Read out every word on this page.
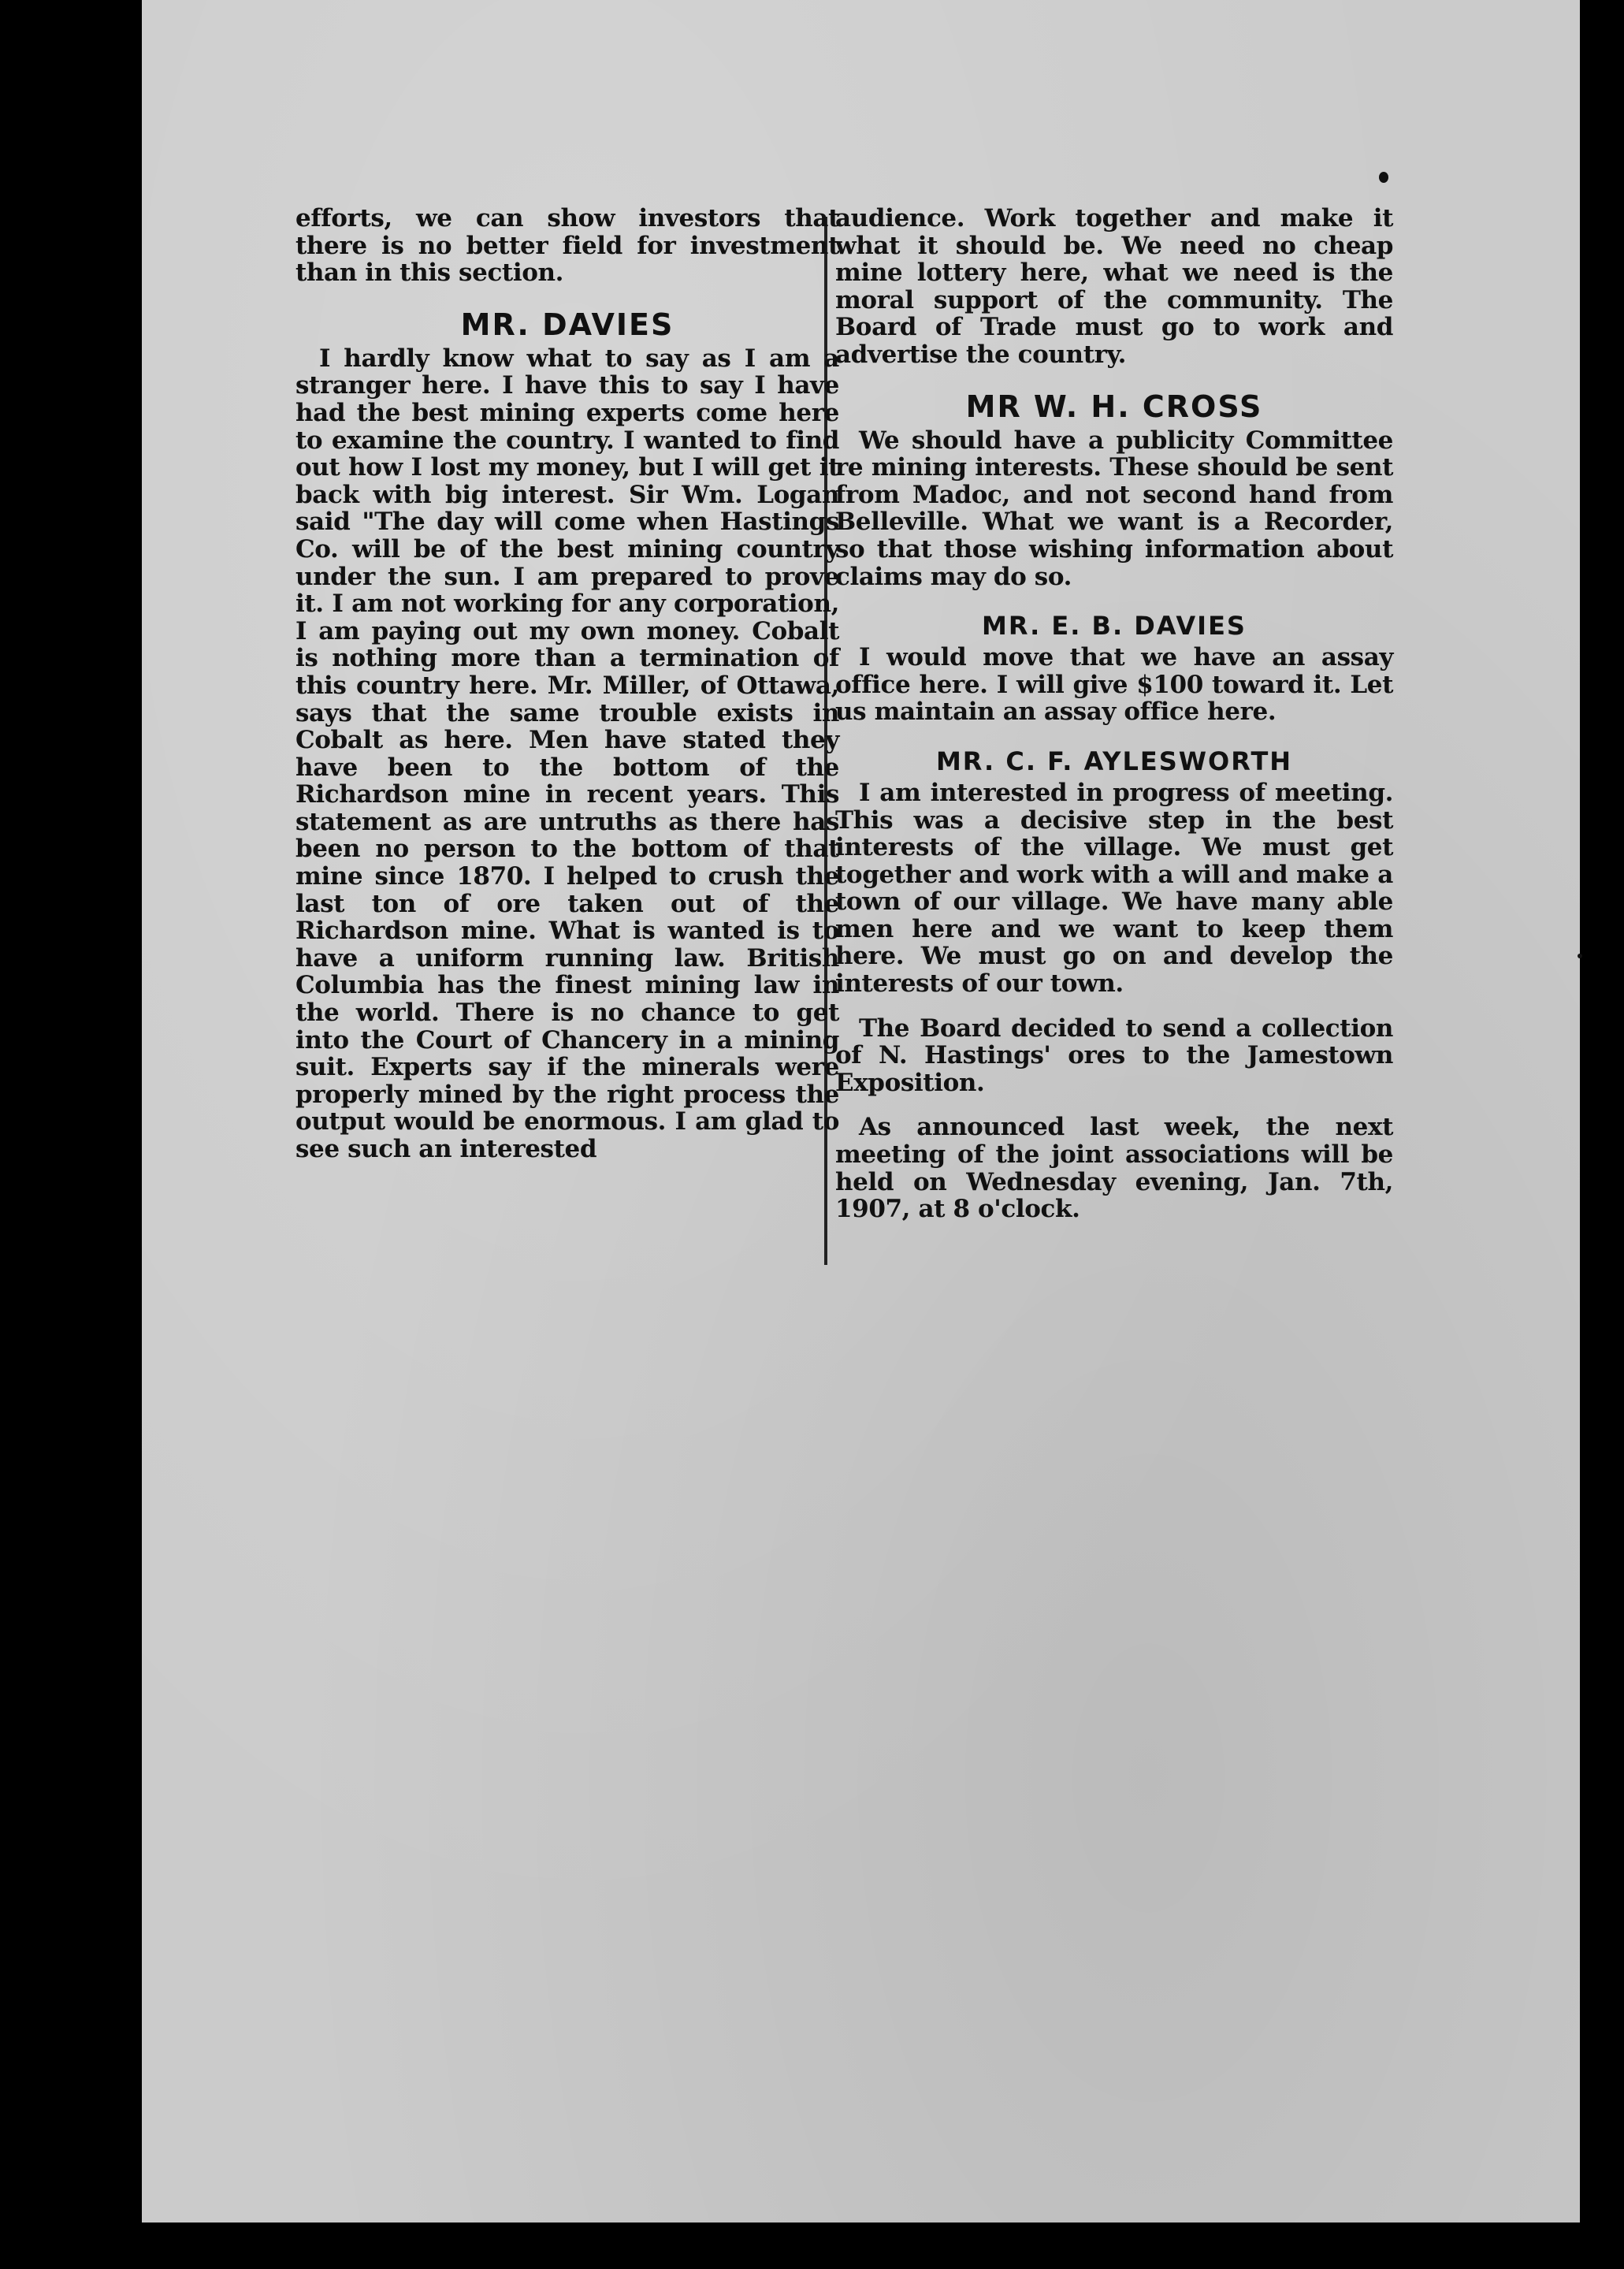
efforts, we can show investors that there is no better field for investment than in this section.

MR. DAVIES

I hardly know what to say as I am a stranger here. I have this to say I have had the best mining experts come here to examine the country. I wanted to find out how I lost my money, but I will get it back with big interest. Sir Wm. Logan said "The day will come when Hastings Co. will be of the best mining country under the sun. I am prepared to prove it. I am not working for any corporation, I am paying out my own money. Cobalt is nothing more than a termination of this country here. Mr. Miller, of Ottawa, says that the same trouble exists in Cobalt as here. Men have stated they have been to the bottom of the Richardson mine in recent years. This statement as are untruths as there has been no person to the bottom of that mine since 1870. I helped to crush the last ton of ore taken out of the Richardson mine. What is wanted is to have a uniform running law. British Columbia has the finest mining law in the world. There is no chance to get into the Court of Chancery in a mining suit. Experts say if the minerals were properly mined by the right process the output would be enormous. I am glad to see such an interested

audience. Work together and make it what it should be. We need no cheap mine lottery here, what we need is the moral support of the community. The Board of Trade must go to work and advertise the country.

MR W. H. CROSS

We should have a publicity Committee re mining interests. These should be sent from Madoc, and not second hand from Belleville. What we want is a Recorder, so that those wishing information about claims may do so.

MR. E. B. DAVIES

I would move that we have an assay office here. I will give $100 toward it. Let us maintain an assay office here.

MR. C. F. AYLESWORTH

I am interested in progress of meeting. This was a decisive step in the best interests of the village. We must get together and work with a will and make a town of our village. We have many able men here and we want to keep them here. We must go on and develop the interests of our town.

The Board decided to send a collection of N. Hastings' ores to the Jamestown Exposition.

As announced last week, the next meeting of the joint associations will be held on Wednesday evening, Jan. 7th, 1907, at 8 o'clock.
